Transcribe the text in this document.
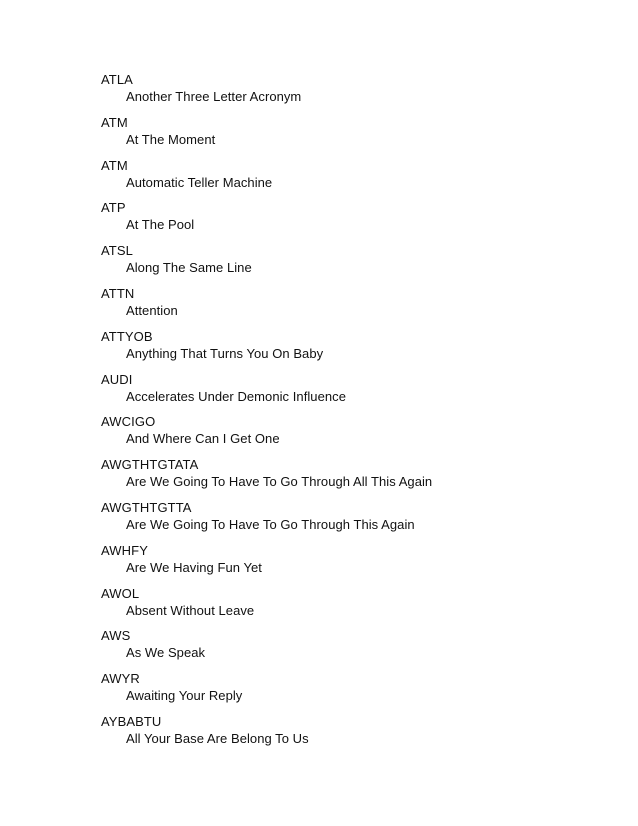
ATLA
Another Three Letter Acronym
ATM
At The Moment
ATM
Automatic Teller Machine
ATP
At The Pool
ATSL
Along The Same Line
ATTN
Attention
ATTYOB
Anything That Turns You On Baby
AUDI
Accelerates Under Demonic Influence
AWCIGO
And Where Can I Get One
AWGTHTGTATA
Are We Going To Have To Go Through All This Again
AWGTHTGTTA
Are We Going To Have To Go Through This Again
AWHFY
Are We Having Fun Yet
AWOL
Absent Without Leave
AWS
As We Speak
AWYR
Awaiting Your Reply
AYBABTU
All Your Base Are Belong To Us
